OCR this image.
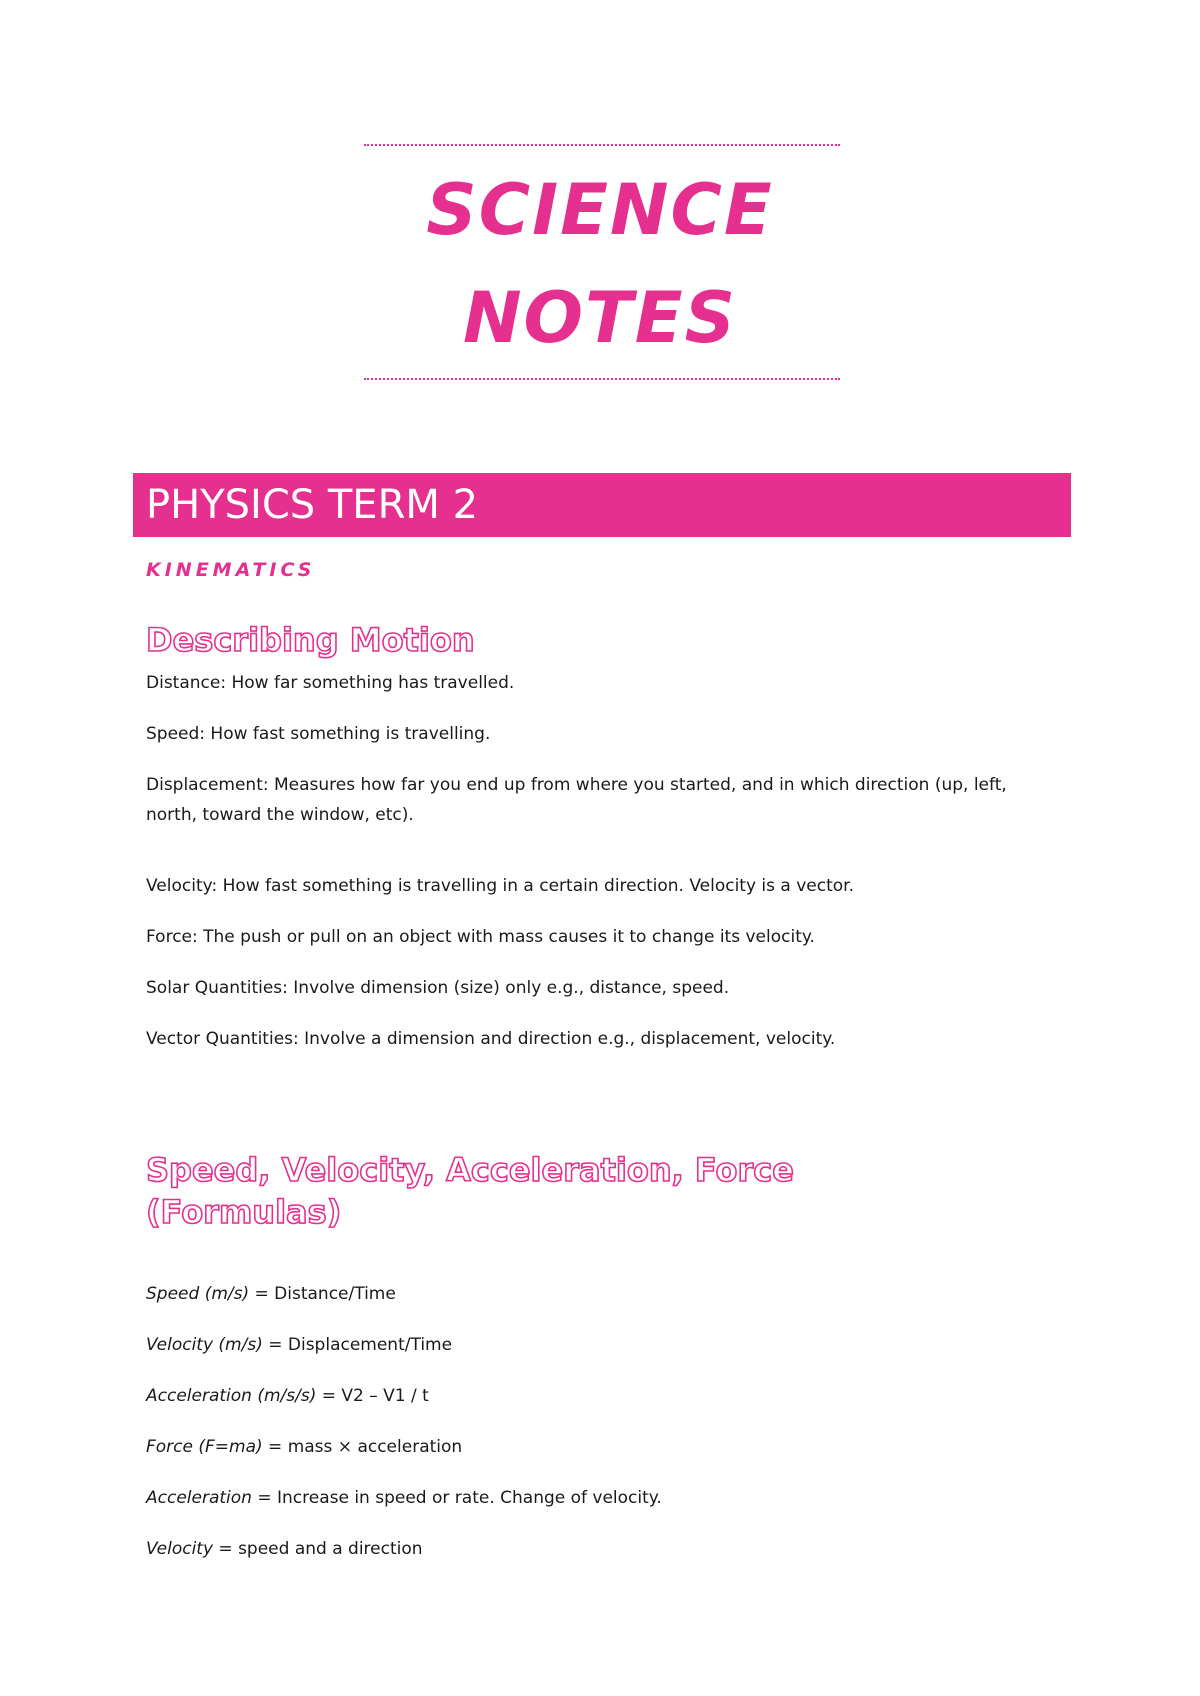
SCIENCE
NOTES
PHYSICS TERM 2
KINEMATICS
Describing Motion
Distance: How far something has travelled.
Speed: How fast something is travelling.
Displacement: Measures how far you end up from where you started, and in which direction (up, left, north, toward the window, etc).
Velocity: How fast something is travelling in a certain direction. Velocity is a vector.
Force: The push or pull on an object with mass causes it to change its velocity.
Solar Quantities: Involve dimension (size) only e.g., distance, speed.
Vector Quantities: Involve a dimension and direction e.g., displacement, velocity.
Speed, Velocity, Acceleration, Force
(Formulas)
Speed (m/s) = Distance/Time
Velocity (m/s) = Displacement/Time
Acceleration (m/s/s) = V2 – V1 / t
Force (F=ma) = mass × acceleration
Acceleration = Increase in speed or rate. Change of velocity.
Velocity = speed and a direction
